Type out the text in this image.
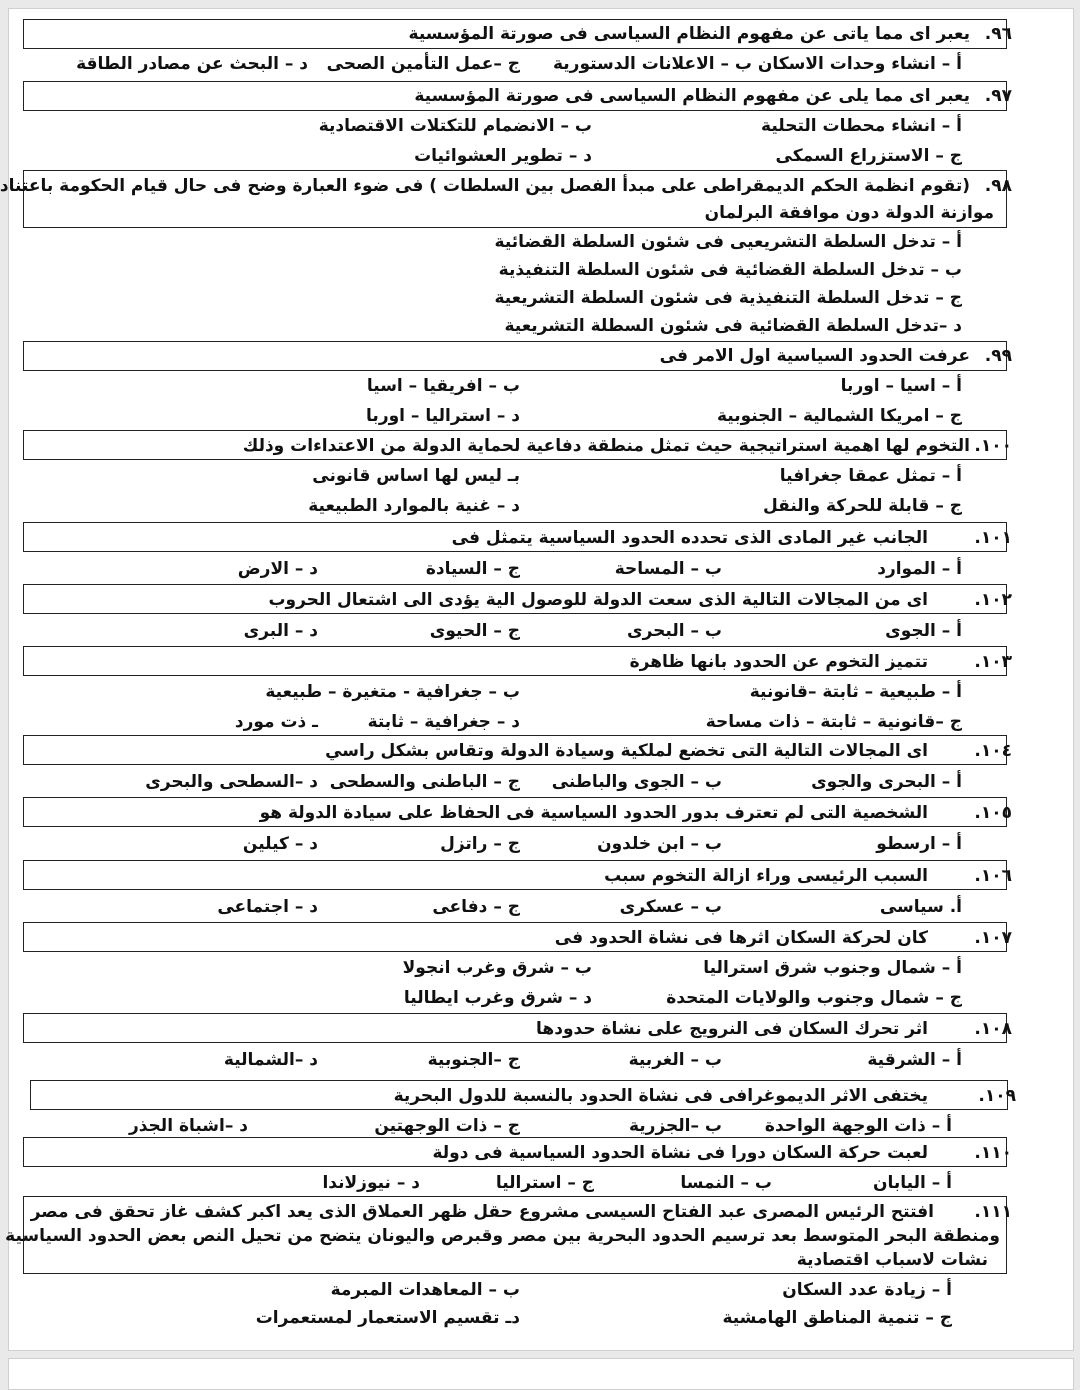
٩٦.
يعبر اى مما ياتى عن مفهوم النظام السياسى فى صورتة المؤسسية
أ – انشاء وحدات الاسكان
ب – الاعلانات الدستورية
ج –عمل التأمين الصحى
د – البحث عن مصادر الطاقة
٩٧.
يعبر اى مما يلى عن مفهوم النظام السياسى فى صورتة المؤسسية
أ – انشاء محطات التحلية
ب – الانضمام للتكتلات الاقتصادية
ج – الاستزراع السمكى
د – تطوير العشوائيات
٩٨.
(تقوم انظمة الحكم الديمقراطى على مبدأ الفصل بين السلطات ) فى ضوء العبارة وضح فى حال قيام الحكومة باعتناد
موازنة الدولة دون موافقة البرلمان
أ – تدخل السلطة التشريعيى فى شئون السلطة القضائية
ب – تدخل السلطة القضائية فى شئون السلطة التنفيذية
ج – تدخل السلطة التنفيذية فى شئون السلطة التشريعية
د –تدخل السلطة القضائية فى شئون السطلة التشريعية
٩٩.
عرفت الحدود السياسية اول الامر فى
أ – اسيا – اوربا
ب – افريقيا – اسيا
ج – امريكا الشمالية – الجنوبية
د – استراليا – اوربا
١٠٠.
التخوم لها اهمية استراتيجية حيث تمثل منطقة دفاعية لحماية الدولة من الاعتداءات وذلك
أ – تمثل عمقا جغرافيا
بـ ليس لها اساس قانونى
ج – قابلة للحركة والنقل
د – غنية بالموارد الطبيعية
١٠١.
الجانب غير المادى الذى تحدده الحدود السياسية يتمثل فى
أ – الموارد
ب – المساحة
ج – السيادة
د – الارض
١٠٢.
اى من المجالات التالية الذى سعت الدولة للوصول الية يؤدى الى اشتعال الحروب
أ – الجوى
ب – البحرى
ج – الحيوى
د – البرى
١٠٣.
تتميز التخوم عن الحدود بانها ظاهرة
أ – طبيعية – ثابتة –قانونية
ب – جغرافية - متغيرة – طبيعية
ج –قانونية – ثابتة – ذات مساحة
د – جغرافية – ثابتة
ـ ذت مورد
١٠٤.
اى المجالات التالية التى تخضع لملكية وسيادة الدولة وتقاس بشكل راسي
أ – البحرى والجوى
ب – الجوى والباطنى
ج – الباطنى والسطحى
د –السطحى والبحرى
١٠٥.
الشخصية التى لم تعترف بدور الحدود السياسية فى الحفاظ على سيادة الدولة هو
أ – ارسطو
ب – ابن خلدون
ج – راتزل
د – كيلين
١٠٦.
السبب الرئيسى وراء ازالة التخوم سبب
أ. سياسى
ب – عسكرى
ج – دفاعى
د – اجتماعى
١٠٧.
كان لحركة السكان اثرها فى نشاة الحدود فى
أ – شمال وجنوب شرق استراليا
ب – شرق وغرب انجولا
ج – شمال وجنوب والولايات المتحدة
د – شرق وغرب ايطاليا
١٠٨.
اثر تحرك السكان فى النرويج على نشاة حدودها
أ – الشرقية
ب – الغربية
ج –الجنوبية
د –الشمالية
١٠٩.
يختفى الاثر الديموغرافى فى نشاة الحدود بالنسبة للدول البحرية
أ – ذات الوجهة الواحدة
ب –الجزرية
ج – ذات الوجهتين
د –اشباة الجذر
١١٠.
لعبت حركة السكان دورا فى نشاة الحدود السياسية فى دولة
أ – اليابان
ب – النمسا
ج – استراليا
د – نيوزلاندا
١١١.
افتتح الرئيس المصرى عبد الفتاح السيسى مشروع حقل ظهر العملاق الذى يعد اكبر كشف غاز تحقق فى مصر
ومنطقة البحر المتوسط بعد ترسيم الحدود البحرية بين مصر وقبرص واليونان يتضح من تحيل النص بعض الحدود السياسية
نشات لاسباب اقتصادية
أ – زيادة عدد السكان
ب – المعاهدات المبرمة
ج – تنمية المناطق الهامشية
دـ تقسيم الاستعمار لمستعمرات
